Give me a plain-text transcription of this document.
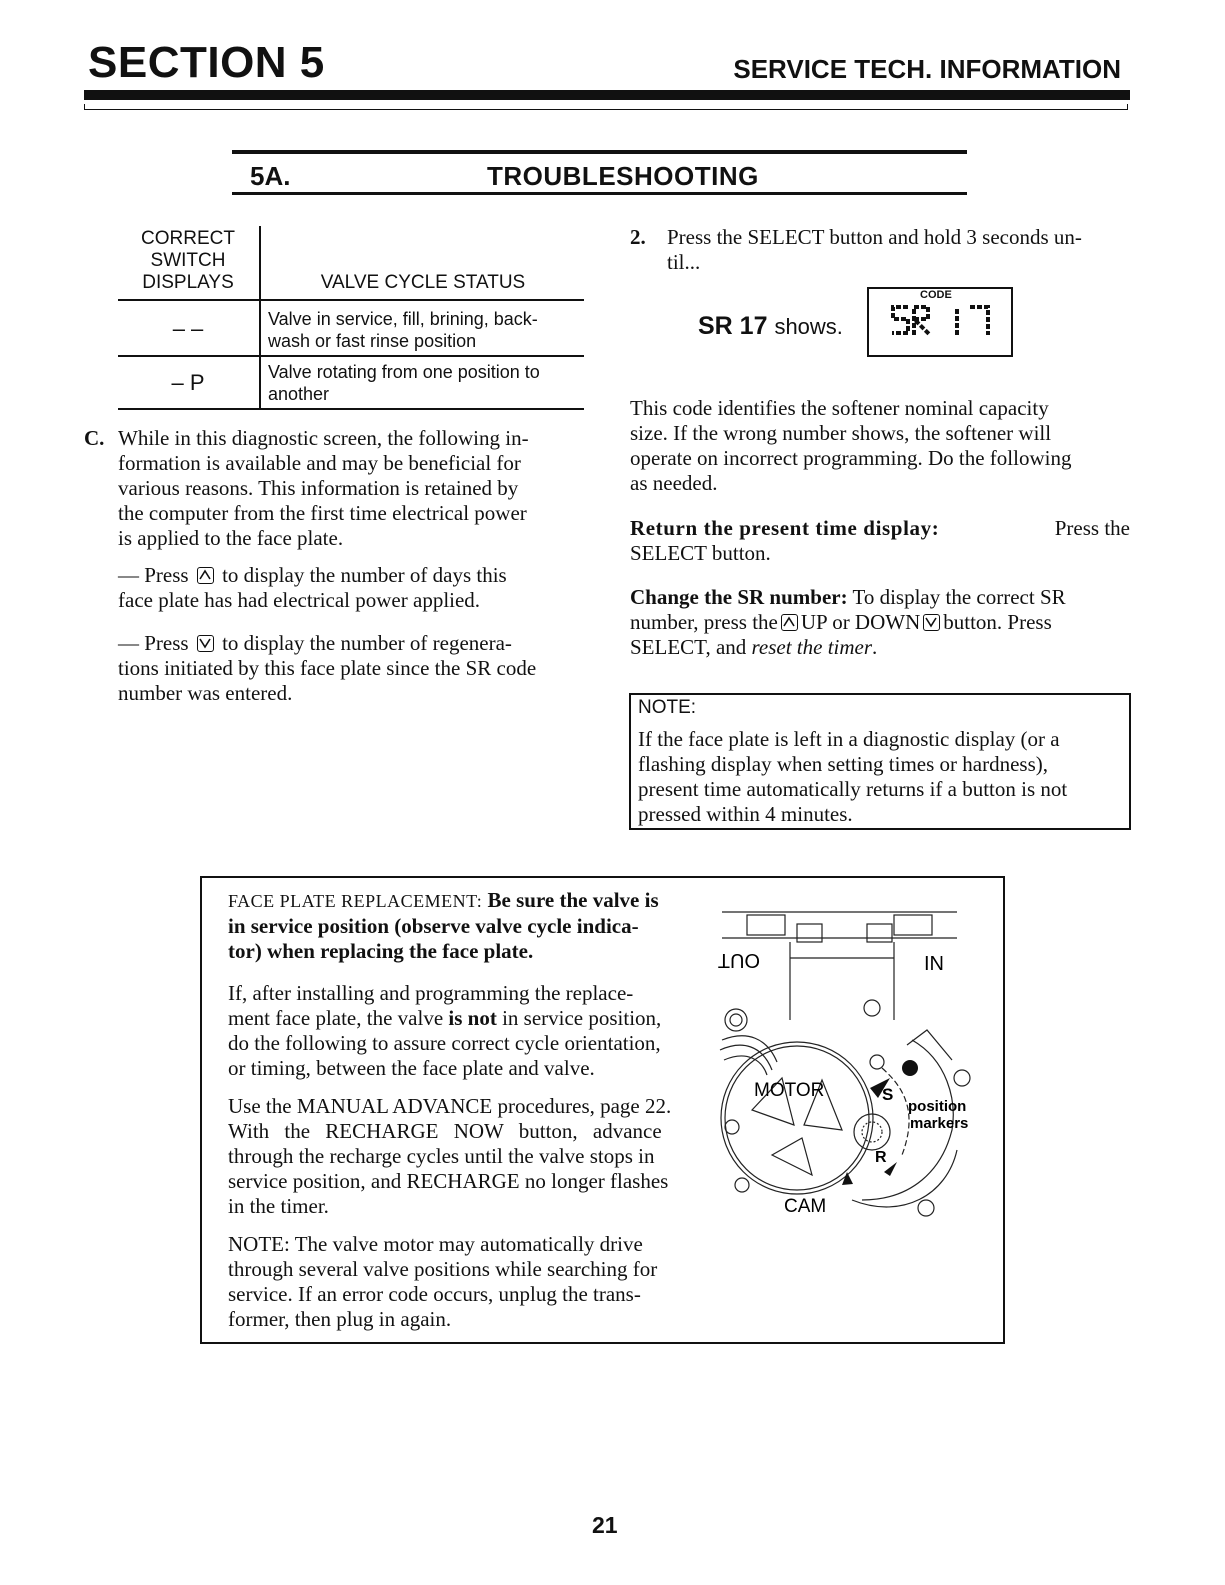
SECTION 5	SERVICE TECH. INFORMATION
5A.	TROUBLESHOOTING
CORRECT
SWITCH
DISPLAYS	VALVE CYCLE STATUS
– –	Valve in service, fill, brining, back-
wash or fast rinse position
– P	Valve rotating from one position to
another
C. While in this diagnostic screen, the following in-
formation is available and may be beneficial for
various reasons. This information is retained by
the computer from the first time electrical power
is applied to the face plate.
— Press to display the number of days this
face plate has had electrical power applied.
— Press to display the number of regenera-
tions initiated by this face plate since the SR code
number was entered.
2. Press the SELECT button and hold 3 seconds un-
til...
SR 17 shows.
CODE
This code identifies the softener nominal capacity
size. If the wrong number shows, the softener will
operate on incorrect programming. Do the following
as needed.
Return the present time display:	Press the
SELECT button.
Change the SR number: To display the correct SR
number, press the UP or DOWN button. Press
SELECT, and reset the timer.
NOTE:
If the face plate is left in a diagnostic display (or a
flashing display when setting times or hardness),
present time automatically returns if a button is not
pressed within 4 minutes.
FACE PLATE REPLACEMENT: Be sure the valve is
in service position (observe valve cycle indica-
tor) when replacing the face plate.
If, after installing and programming the replace-
ment face plate, the valve is not in service position,
do the following to assure correct cycle orientation,
or timing, between the face plate and valve.
Use the MANUAL ADVANCE procedures, page 22.
With the RECHARGE NOW button, advance
through the recharge cycles until the valve stops in
service position, and RECHARGE no longer flashes
in the timer.
NOTE: The valve motor may automatically drive
through several valve positions while searching for
service. If an error code occurs, unplug the trans-
former, then plug in again.
OUT	IN
MOTOR
CAM
S
R
position
markers
21
